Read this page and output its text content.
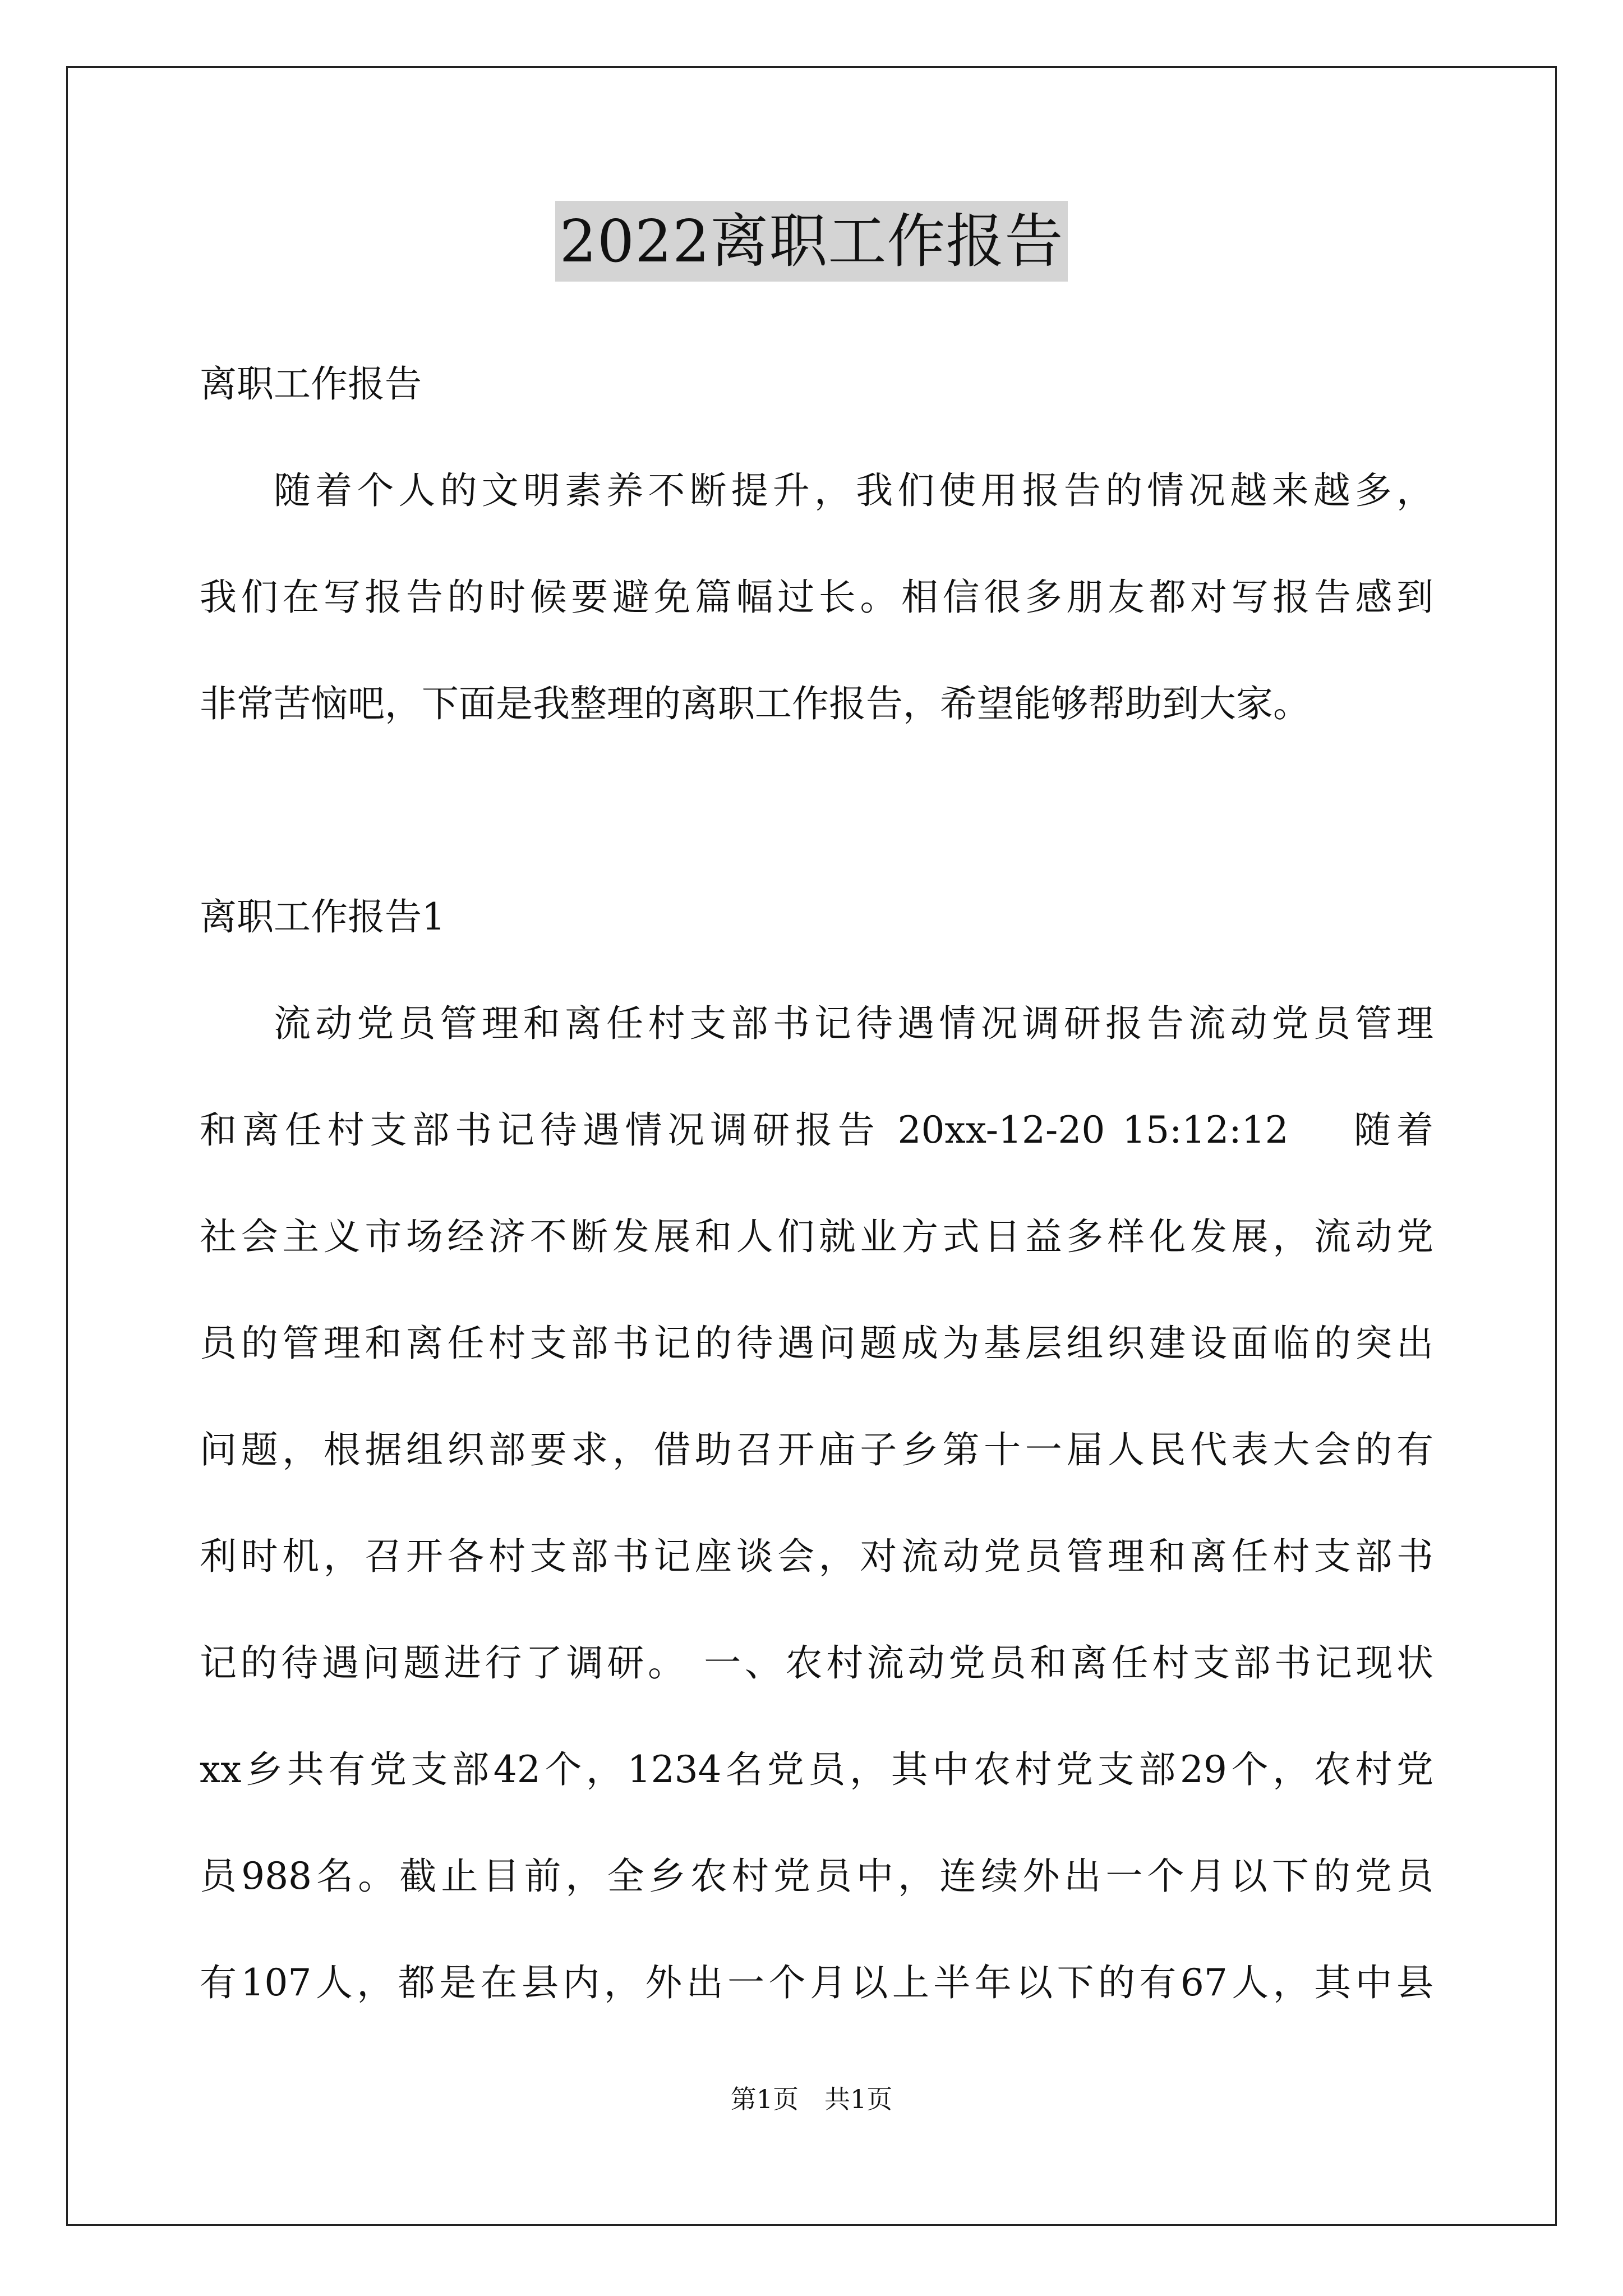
2022离职工作报告
离职工作报告
随着个人的文明素养不断提升，我们使用报告的情况越来越多，
我们在写报告的时候要避免篇幅过长。相信很多朋友都对写报告感到
非常苦恼吧，下面是我整理的离职工作报告，希望能够帮助到大家。
离职工作报告1
流动党员管理和离任村支部书记待遇情况调研报告流动党员管理
和离任村支部书记待遇情况调研报告 20xx-12-20 15:12:12　 随着
社会主义市场经济不断发展和人们就业方式日益多样化发展，流动党
员的管理和离任村支部书记的待遇问题成为基层组织建设面临的突出
问题，根据组织部要求，借助召开庙子乡第十一届人民代表大会的有
利时机，召开各村支部书记座谈会，对流动党员管理和离任村支部书
记的待遇问题进行了调研。 一、农村流动党员和离任村支部书记现状
xx乡共有党支部42个，1234名党员，其中农村党支部29个，农村党
员988名。截止目前，全乡农村党员中，连续外出一个月以下的党员
有107人，都是在县内，外出一个月以上半年以下的有67人，其中县
第1页　共1页
